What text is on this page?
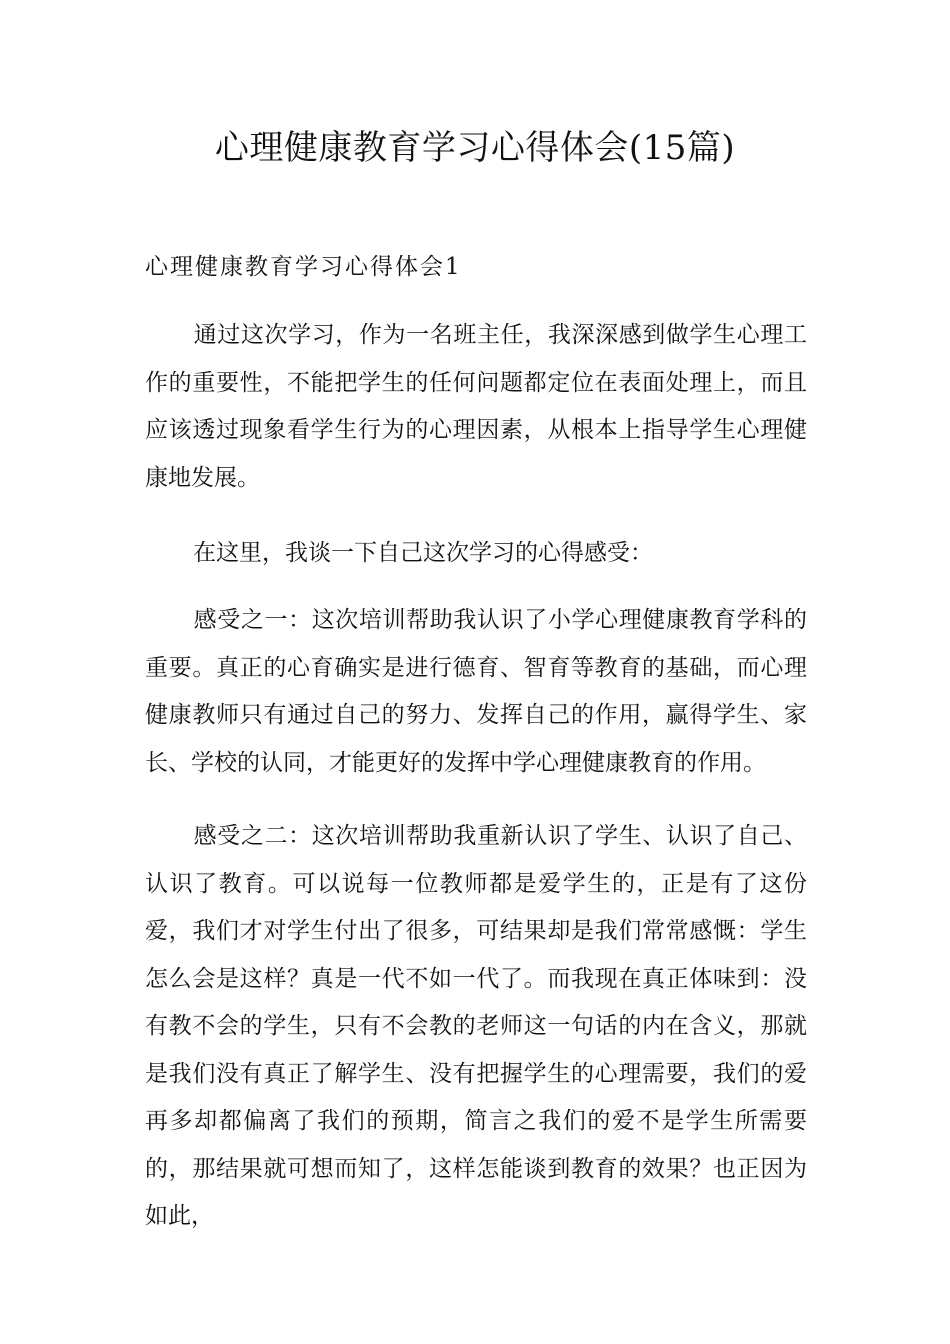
心理健康教育学习心得体会(15篇)
心理健康教育学习心得体会1

通过这次学习，作为一名班主任，我深深感到做学生心理工作的重要性，不能把学生的任何问题都定位在表面处理上，而且应该透过现象看学生行为的心理因素，从根本上指导学生心理健康地发展。

在这里，我谈一下自己这次学习的心得感受：

感受之一：这次培训帮助我认识了小学心理健康教育学科的重要。真正的心育确实是进行德育、智育等教育的基础，而心理健康教师只有通过自己的努力、发挥自己的作用，赢得学生、家长、学校的认同，才能更好的发挥中学心理健康教育的作用。

感受之二：这次培训帮助我重新认识了学生、认识了自己、认识了教育。可以说每一位教师都是爱学生的，正是有了这份爱，我们才对学生付出了很多，可结果却是我们常常感慨：学生怎么会是这样？真是一代不如一代了。而我现在真正体味到：没有教不会的学生，只有不会教的老师这一句话的内在含义，那就是我们没有真正了解学生、没有把握学生的心理需要，我们的爱再多却都偏离了我们的预期，简言之我们的爱不是学生所需要的，那结果就可想而知了，这样怎能谈到教育的效果？也正因为如此，
